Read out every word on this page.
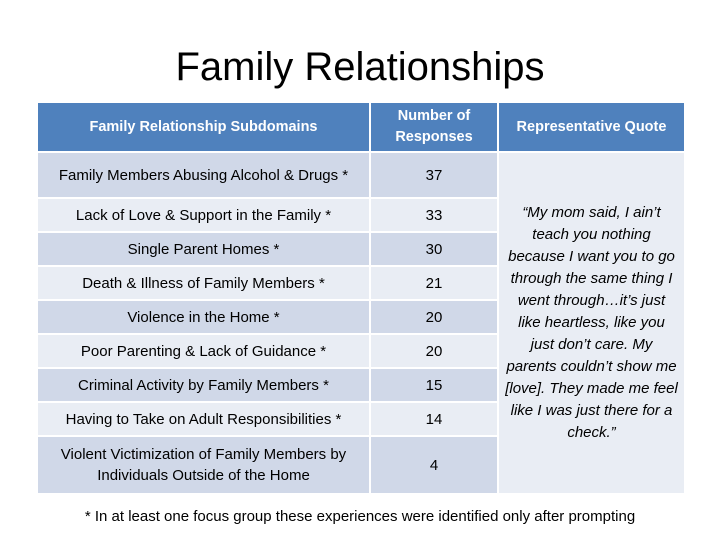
Family Relationships
Family Relationship Subdomains	Number of Responses	Representative Quote
Family Members Abusing Alcohol & Drugs *	37	“My mom said, I ain’t teach you nothing because I want you to go through the same thing I went through…it’s just like heartless, like you just don’t care. My parents couldn’t show me [love]. They made me feel like I was just there for a check.”
Lack of Love & Support in the Family *	33	
Single Parent Homes *	30	
Death & Illness of Family Members *	21	
Violence in the Home *	20	
Poor Parenting & Lack of Guidance *	20	
Criminal Activity by Family Members *	15	
Having to Take on Adult Responsibilities *	14	
Violent Victimization of Family Members by Individuals Outside of the Home	4	
* In at least one focus group these experiences were identified only after prompting
